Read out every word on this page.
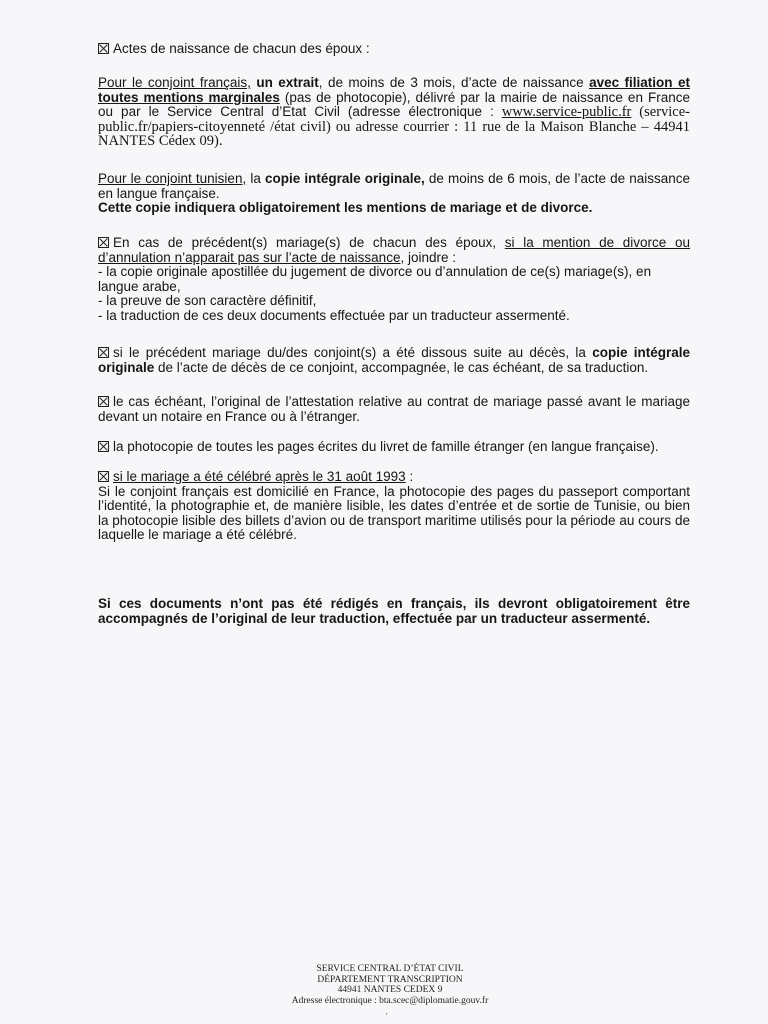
Actes de naissance de chacun des époux :

Pour le conjoint français, un extrait, de moins de 3 mois, d’acte de naissance avec filiation et toutes mentions marginales (pas de photocopie), délivré par la mairie de naissance en France ou par le Service Central d’Etat Civil (adresse électronique : www.service-public.fr (service-public.fr/papiers-citoyenneté /état civil) ou adresse courrier : 11 rue de la Maison Blanche – 44941 NANTES Cédex 09).

Pour le conjoint tunisien, la copie intégrale originale, de moins de 6 mois, de l’acte de naissance en langue française.

Cette copie indiquera obligatoirement les mentions de mariage et de divorce.

En cas de précédent(s) mariage(s) de chacun des époux, si la mention de divorce ou d’annulation n’apparait pas sur l’acte de naissance, joindre :

- la copie originale apostillée du jugement de divorce ou d’annulation de ce(s) mariage(s), en langue arabe,

- la preuve de son caractère définitif,

- la traduction de ces deux documents effectuée par un traducteur assermenté.

si le précédent mariage du/des conjoint(s) a été dissous suite au décès, la copie intégrale originale de l’acte de décès de ce conjoint, accompagnée, le cas échéant, de sa traduction.

le cas échéant, l’original de l’attestation relative au contrat de mariage passé avant le mariage devant un notaire en France ou à l’étranger.

la photocopie de toutes les pages écrites du livret de famille étranger (en langue française).

si le mariage a été célébré après le 31 août 1993 :

Si le conjoint français est domicilié en France, la photocopie des pages du passeport comportant l’identité, la photographie et, de manière lisible, les dates d’entrée et de sortie de Tunisie, ou bien la photocopie lisible des billets d’avion ou de transport maritime utilisés pour la période au cours de laquelle le mariage a été célébré.

Si ces documents n’ont pas été rédigés en français, ils devront obligatoirement être accompagnés de l’original de leur traduction, effectuée par un traducteur assermenté.

SERVICE CENTRAL D’ÉTAT CIVIL
DÉPARTEMENT TRANSCRIPTION
44941 NANTES CEDEX 9
Adresse électronique : bta.scec@diplomatie.gouv.fr
'
